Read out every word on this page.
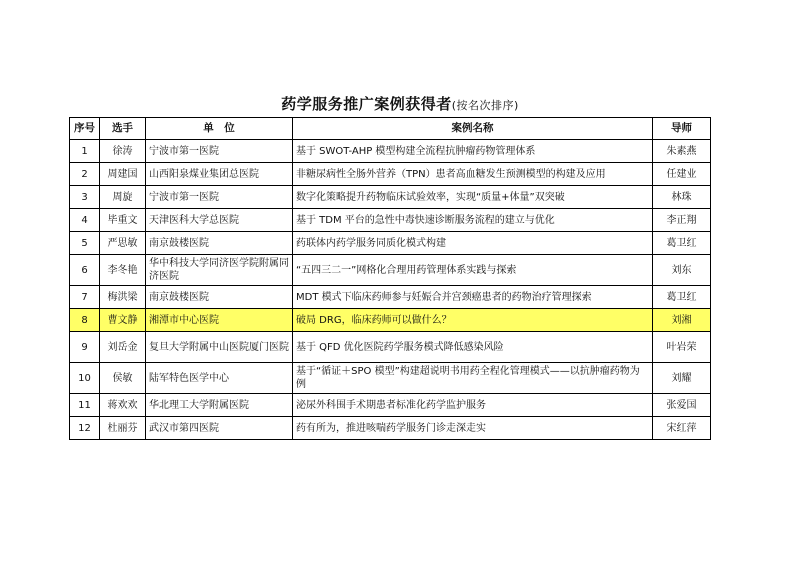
药学服务推广案例获得者(按名次排序)
序号	选手	单　位	案例名称	导师
1	徐涛	宁波市第一医院	基于 SWOT-AHP 模型构建全流程抗肿瘤药物管理体系	朱素燕
2	周建国	山西阳泉煤业集团总医院	非糖尿病性全肠外营养（TPN）患者高血糖发生预测模型的构建及应用	任建业
3	周旋	宁波市第一医院	数字化策略提升药物临床试验效率，实现“质量+体量”双突破	林珠
4	毕重文	天津医科大学总医院	基于 TDM 平台的急性中毒快速诊断服务流程的建立与优化	李正翔
5	严思敏	南京鼓楼医院	药联体内药学服务同质化模式构建	葛卫红
6	李冬艳	华中科技大学同济医学院附属同济医院	“五四三二一”网格化合理用药管理体系实践与探索	刘东
7	梅洪梁	南京鼓楼医院	MDT 模式下临床药师参与妊娠合并宫颈癌患者的药物治疗管理探索	葛卫红
8	曹文静	湘潭市中心医院	破局 DRG，临床药师可以做什么？	刘湘
9	刘岳金	复旦大学附属中山医院厦门医院	基于 QFD 优化医院药学服务模式降低感染风险	叶岩荣
10	侯敏	陆军特色医学中心	基于“循证＋SPO 模型”构建超说明书用药全程化管理模式——以抗肿瘤药物为例	刘耀
11	蒋欢欢	华北理工大学附属医院	泌尿外科围手术期患者标准化药学监护服务	张爱国
12	杜丽芬	武汉市第四医院	药有所为，推进咳喘药学服务门诊走深走实	宋红萍
